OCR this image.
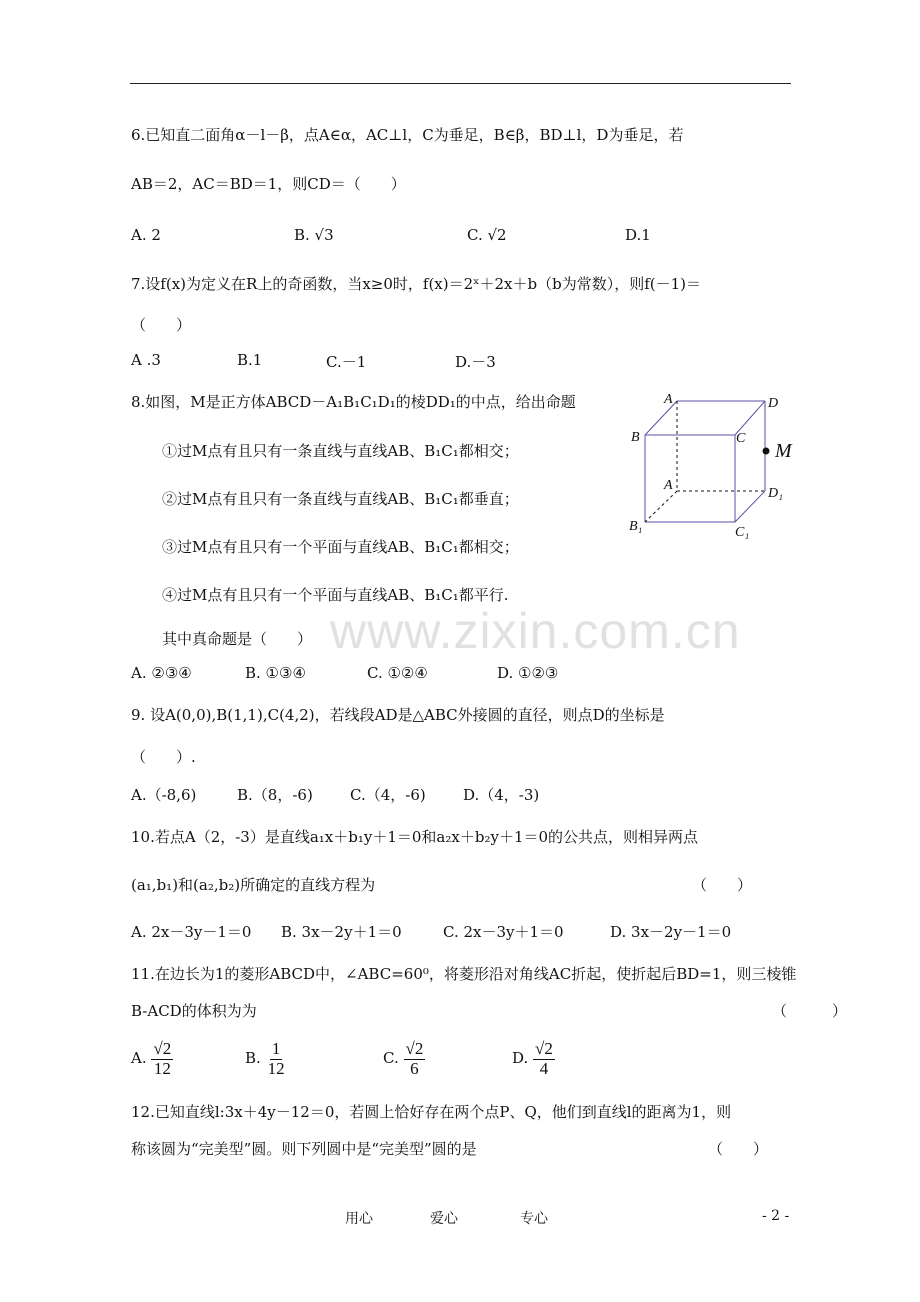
6.已知直二面角α－l－β，点A∈α，AC⊥l，C为垂足，B∈β，BD⊥l，D为垂足，若
AB＝2，AC＝BD＝1，则CD＝（　　）
A. 2	B. √3	C. √2	D.1
7.设f(x)为定义在R上的奇函数，当x≥0时，f(x)＝2ˣ＋2x＋b（b为常数），则f(－1)＝
（　　）
A .3	B.1	C.－1	D.－3
8.如图，M是正方体ABCD－A₁B₁C₁D₁的棱DD₁的中点，给出命题
①过M点有且只有一条直线与直线AB、B₁C₁都相交；
②过M点有且只有一条直线与直线AB、B₁C₁都垂直；
③过M点有且只有一个平面与直线AB、B₁C₁都相交；
④过M点有且只有一个平面与直线AB、B₁C₁都平行.
其中真命题是（　　）
A. ②③④	B. ①③④	C. ①②④	D. ①②③
A	D
B	C
M
A
D₁
B₁	C₁
9. 设A(0,0),B(1,1),C(4,2)，若线段AD是△ABC外接圆的直径，则点D的坐标是
（　　）.
A.（-8,6)	B.（8，-6) C.（4，-6) D.（4，-3)
10.若点A（2，-3）是直线a₁x＋b₁y＋1＝0和a₂x＋b₂y＋1＝0的公共点，则相异两点
(a₁,b₁)和(a₂,b₂)所确定的直线方程为	（　　）
A. 2x－3y－1＝0 B. 3x－2y＋1＝0	C. 2x－3y＋1＝0	D. 3x－2y－1＝0
11.在边长为1的菱形ABCD中，∠ABC=60⁰，将菱形沿对角线AC折起，使折起后BD=1，则三棱锥
B-ACD的体积为为	（　　　）
A. $\frac{√2}{12}$	B. $\frac{1}{12}$	C. $\frac{√2}{6}$	D. $\frac{√2}{4}$
12.已知直线l:3x＋4y－12＝0，若圆上恰好存在两个点P、Q，他们到直线l的距离为1，则
称该圆为“完美型”圆。则下列圆中是“完美型”圆的是	（　　）
www.zixin.com.cn
用心	爱心	专心	- 2 -
